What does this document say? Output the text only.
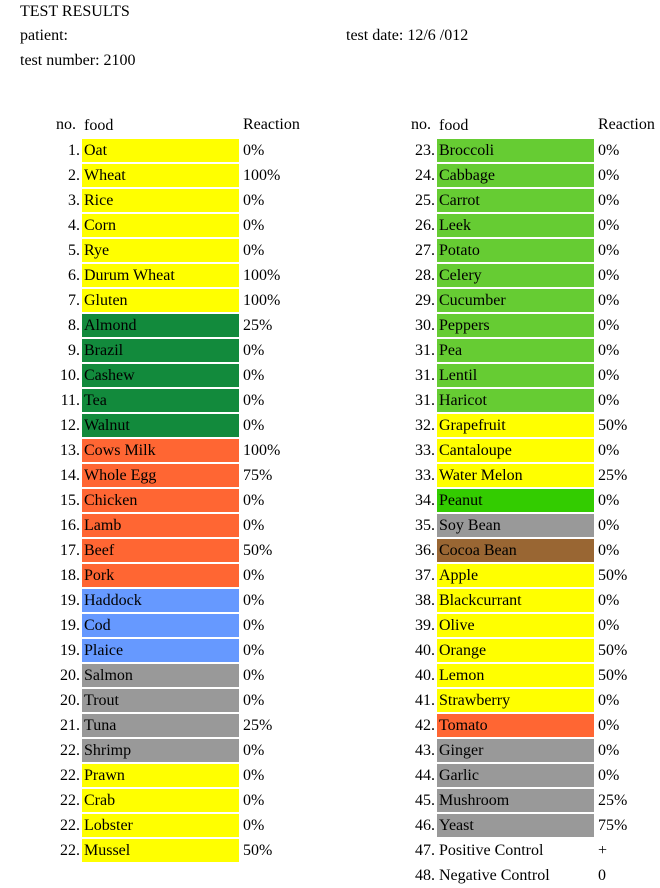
TEST RESULTS
patient:	test date: 12/6 /012
test number: 2100
no. food	Reaction
1. Oat	0%
2. Wheat	100%
3. Rice	0%
4. Corn	0%
5. Rye	0%
6. Durum Wheat	100%
7. Gluten	100%
8. Almond	25%
9. Brazil	0%
10. Cashew	0%
11. Tea	0%
12. Walnut	0%
13. Cows Milk	100%
14. Whole Egg	75%
15. Chicken	0%
16. Lamb	0%
17. Beef	50%
18. Pork	0%
19. Haddock	0%
19. Cod	0%
19. Plaice	0%
20. Salmon	0%
20. Trout	0%
21. Tuna	25%
22. Shrimp	0%
22. Prawn	0%
22. Crab	0%
22. Lobster	0%
22. Mussel	50%
no. food	Reaction
23. Broccoli	0%
24. Cabbage	0%
25. Carrot	0%
26. Leek	0%
27. Potato	0%
28. Celery	0%
29. Cucumber	0%
30. Peppers	0%
31. Pea	0%
31. Lentil	0%
31. Haricot	0%
32. Grapefruit	50%
33. Cantaloupe	0%
33. Water Melon	25%
34. Peanut	0%
35. Soy Bean	0%
36. Cocoa Bean	0%
37. Apple	50%
38. Blackcurrant	0%
39. Olive	0%
40. Orange	50%
40. Lemon	50%
41. Strawberry	0%
42. Tomato	0%
43. Ginger	0%
44. Garlic	0%
45. Mushroom	25%
46. Yeast	75%
47. Positive Control	+
48. Negative Control	0
